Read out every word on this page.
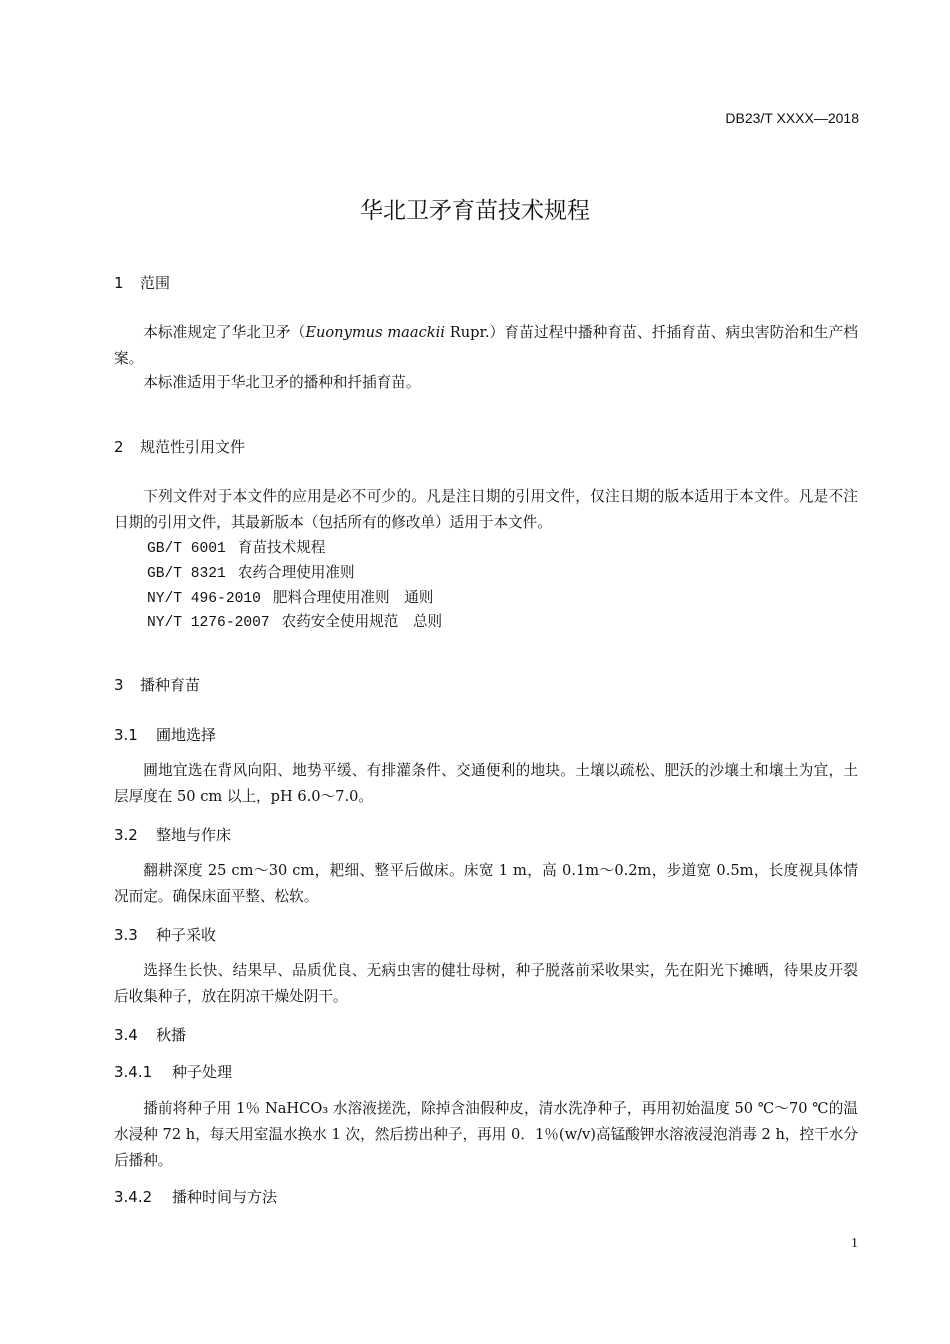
DB23/T XXXX—2018
华北卫矛育苗技术规程
1 范围
本标准规定了华北卫矛（Euonymus maackii Rupr.）育苗过程中播种育苗、扦插育苗、病虫害防治和生产档案。
本标准适用于华北卫矛的播种和扦插育苗。
2 规范性引用文件
下列文件对于本文件的应用是必不可少的。凡是注日期的引用文件，仅注日期的版本适用于本文件。凡是不注日期的引用文件，其最新版本（包括所有的修改单）适用于本文件。
GB/T 6001 育苗技术规程
GB/T 8321 农药合理使用准则
NY/T 496-2010 肥料合理使用准则　通则
NY/T 1276-2007 农药安全使用规范　总则
3 播种育苗
3.1 圃地选择
圃地宜选在背风向阳、地势平缓、有排灌条件、交通便利的地块。土壤以疏松、肥沃的沙壤土和壤土为宜，土层厚度在 50 cm 以上，pH 6.0～7.0。
3.2 整地与作床
翻耕深度 25 cm～30 cm，耙细、整平后做床。床宽 1 m，高 0.1m～0.2m，步道宽 0.5m，长度视具体情况而定。确保床面平整、松软。
3.3 种子采收
选择生长快、结果早、品质优良、无病虫害的健壮母树，种子脱落前采收果实，先在阳光下摊晒，待果皮开裂后收集种子，放在阴凉干燥处阴干。
3.4 秋播
3.4.1 种子处理
播前将种子用 1％ NaHCO₃ 水溶液搓洗，除掉含油假种皮，清水洗净种子，再用初始温度 50 ℃～70 ℃的温水浸种 72 h，每天用室温水换水 1 次，然后捞出种子，再用 0．1％(w/v)高锰酸钾水溶液浸泡消毒 2 h，控干水分后播种。
3.4.2 播种时间与方法
1
